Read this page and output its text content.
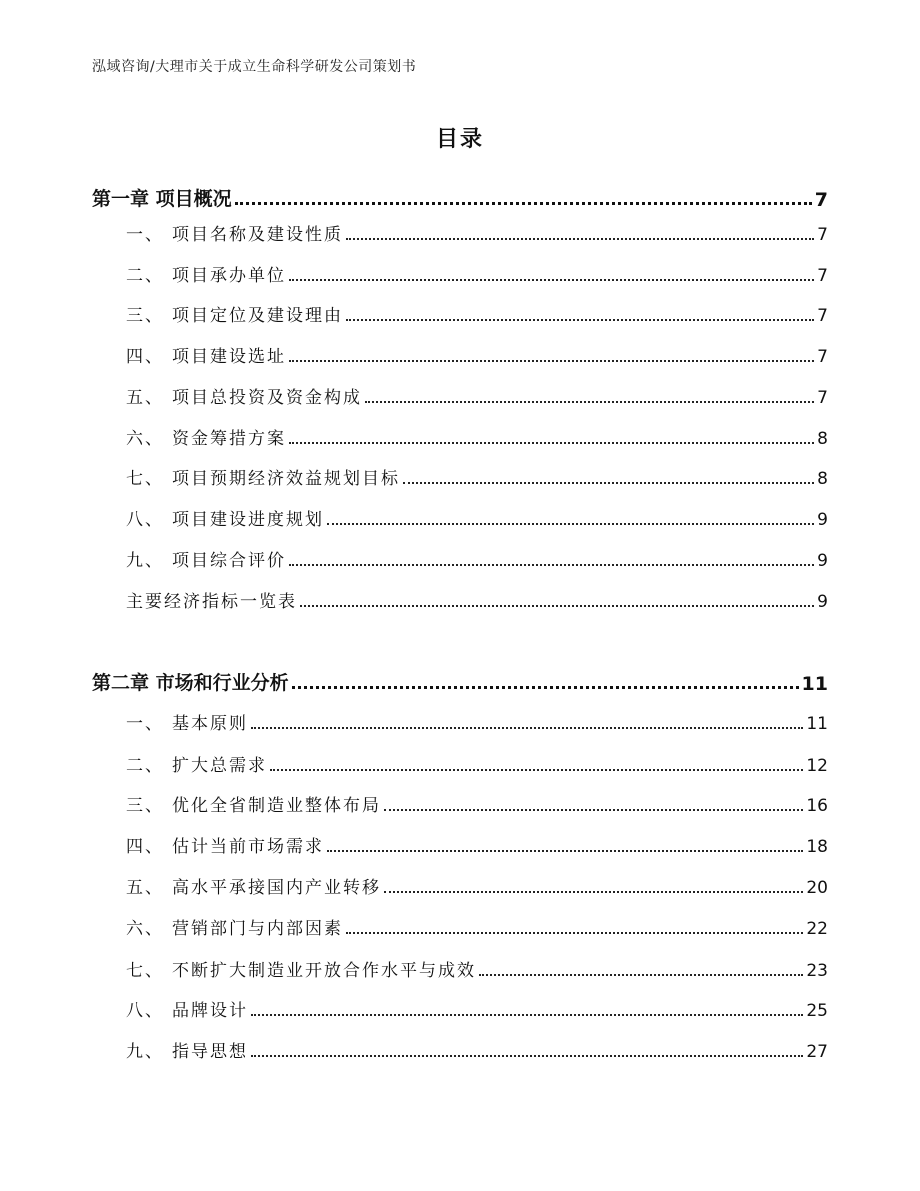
泓域咨询/大理市关于成立生命科学研发公司策划书
目录
第一章 项目概况	7
一、 项目名称及建设性质	7
二、 项目承办单位	7
三、 项目定位及建设理由	7
四、 项目建设选址	7
五、 项目总投资及资金构成	7
六、 资金筹措方案	8
七、 项目预期经济效益规划目标	8
八、 项目建设进度规划	9
九、 项目综合评价	9
主要经济指标一览表	9
第二章 市场和行业分析	11
一、 基本原则	11
二、 扩大总需求	12
三、 优化全省制造业整体布局	16
四、 估计当前市场需求	18
五、 高水平承接国内产业转移	20
六、 营销部门与内部因素	22
七、 不断扩大制造业开放合作水平与成效	23
八、 品牌设计	25
九、 指导思想	27
